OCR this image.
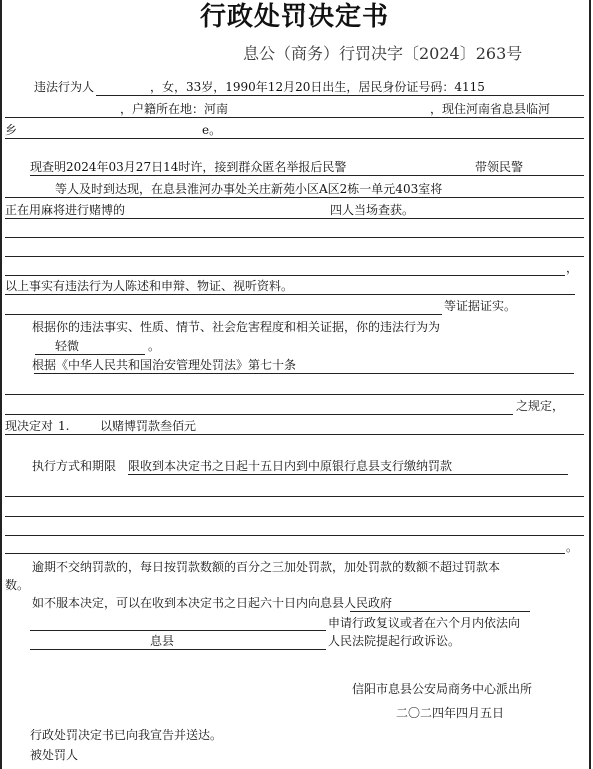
行政处罚决定书
息公（商务）行罚决字〔2024〕263号
违法行为人	，女，33岁，1990年12月20日出生，居民身份证号码：4115
，户籍所在地：河南	，现住河南省息县临河
乡	e。
现查明2024年03月27日14时许，接到群众匿名举报后民警	带领民警
等人及时到达现，在息县淮河办事处关庄新苑小区A区2栋一单元403室将
正在用麻将进行赌博的	四人当场查获。
，
以上事实有违法行为人陈述和申辩、物证、视听资料。
等证据证实。
根据你的违法事实、性质、情节、社会危害程度和相关证据，你的违法行为为
轻微	。
根据《中华人民共和国治安管理处罚法》第七十条
之规定，
现决定对 1.	以赌博罚款叁佰元
执行方式和期限 限收到本决定书之日起十五日内到中原银行息县支行缴纳罚款
。
逾期不交纳罚款的，每日按罚款数额的百分之三加处罚款，加处罚款的数额不超过罚款本
数。
如不服本决定，可以在收到本决定书之日起六十日内向息县人民政府
申请行政复议或者在六个月内依法向
息县	人民法院提起行政诉讼。
信阳市息县公安局商务中心派出所
二〇二四年四月五日
行政处罚决定书已向我宣告并送达。
被处罚人
